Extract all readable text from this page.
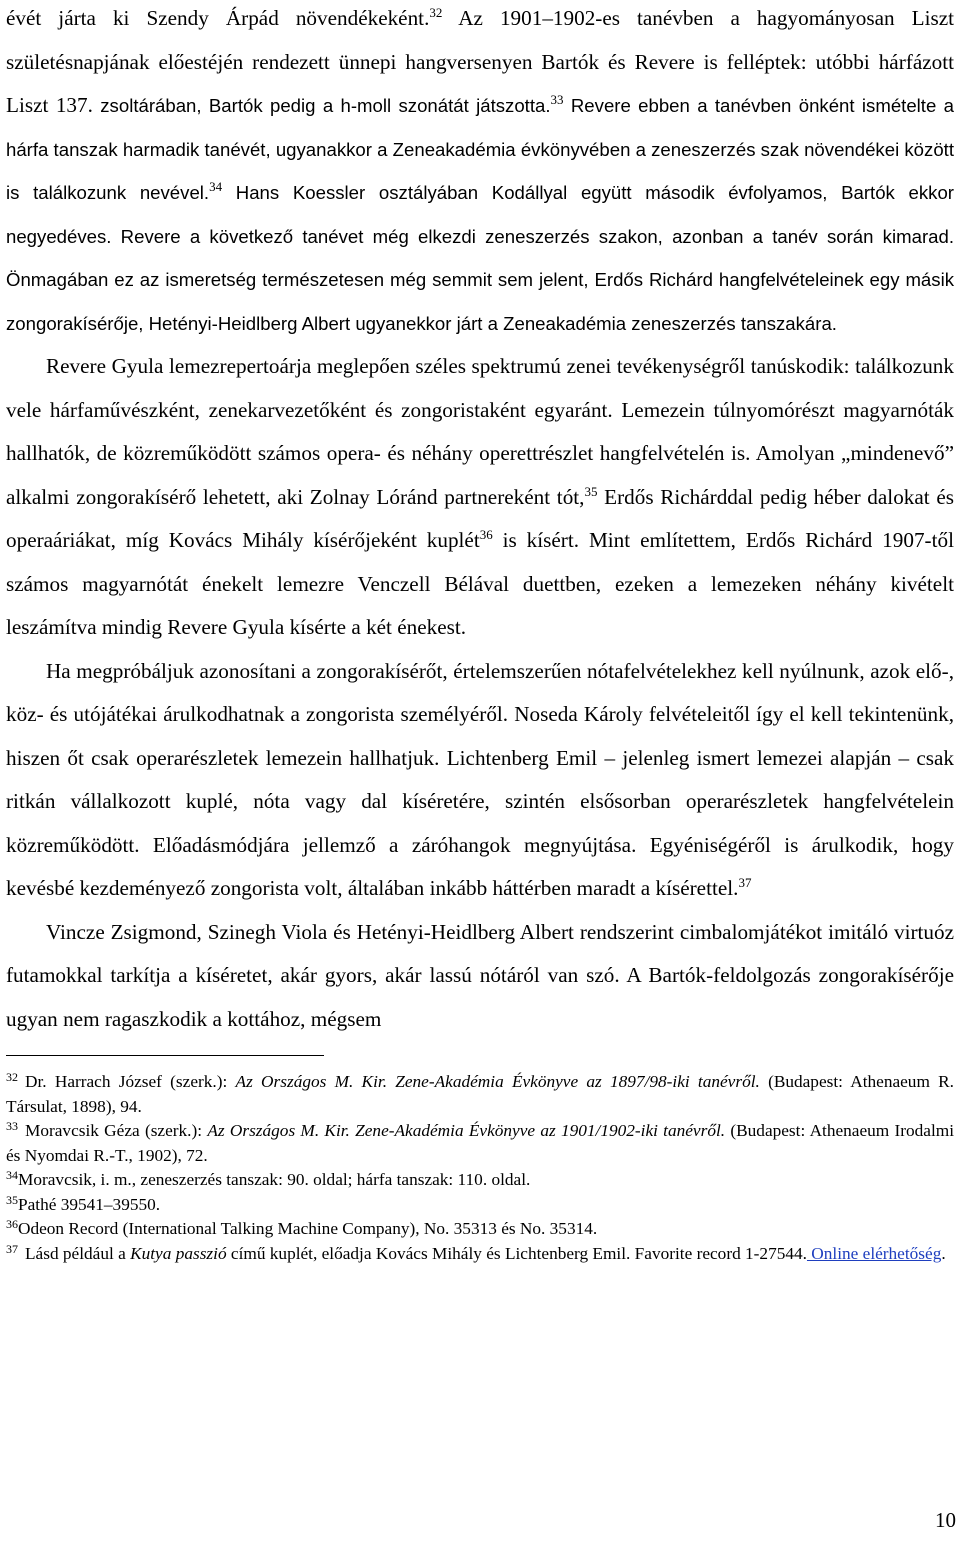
évét járta ki Szendy Árpád növendékeként.$^{32}$ Az 1901–1902-es tanévben a hagyományosan Liszt születésnapjának előestéjén rendezett ünnepi hangversenyen Bartók és Revere is felléptek: utóbbi hárfázott Liszt 137. zsoltárában, Bartók pedig a h-moll szonátát játszotta.$^{33}$ Revere ebben a tanévben önként ismételte a hárfa tanszak harmadik tanévét, ugyanakkor a Zeneakadémia évkönyvében a zeneszerzés szak növendékei között is találkozunk nevével.$^{34}$ Hans Koessler osztályában Kodállyal együtt második évfolyamos, Bartók ekkor negyedéves. Revere a következő tanévet még elkezdi zeneszerzés szakon, azonban a tanév során kimarad. Önmagában ez az ismeretség természetesen még semmit sem jelent, Erdős Richárd hangfelvételeinek egy másik zongorakísérője, Hetényi-Heidlberg Albert ugyanekkor járt a Zeneakadémia zeneszerzés tanszakára.

Revere Gyula lemezrepertoárja meglepően széles spektrumú zenei tevékenységről tanúskodik: találkozunk vele hárfaművészként, zenekarvezetőként és zongoristaként egyaránt. Lemezein túlnyomórészt magyarnóták hallhatók, de közreműködött számos opera- és néhány operettrészlet hangfelvételén is. Amolyan „mindenevő” alkalmi zongorakísérő lehetett, aki Zolnay Lóránd partnereként tót,$^{35}$ Erdős Richárddal pedig héber dalokat és operaáriákat, míg Kovács Mihály kísérőjeként kuplét$^{36}$ is kísért. Mint említettem, Erdős Richárd 1907-től számos magyarnótát énekelt lemezre Venczell Bélával duettben, ezeken a lemezeken néhány kivételt leszámítva mindig Revere Gyula kísérte a két énekest.

Ha megpróbáljuk azonosítani a zongorakísérőt, értelemszerűen nótafelvételekhez kell nyúlnunk, azok elő-, köz- és utójátékai árulkodhatnak a zongorista személyéről. Noseda Károly felvételeitől így el kell tekintenünk, hiszen őt csak operarészletek lemezein hallhatjuk. Lichtenberg Emil – jelenleg ismert lemezei alapján – csak ritkán vállalkozott kuplé, nóta vagy dal kíséretére, szintén elsősorban operarészletek hangfelvételein közreműködött. Előadásmódjára jellemző a záróhangok megnyújtása. Egyéniségéről is árulkodik, hogy kevésbé kezdeményező zongorista volt, általában inkább háttérben maradt a kísérettel.$^{37}$

Vincze Zsigmond, Szinegh Viola és Hetényi-Heidlberg Albert rendszerint cimbalomjátékot imitáló virtuóz futamokkal tarkítja a kíséretet, akár gyors, akár lassú nótáról van szó. A Bartók-feldolgozás zongorakísérője ugyan nem ragaszkodik a kottához, mégsem

$^{32}$ Dr. Harrach József (szerk.): Az Országos M. Kir. Zene-Akadémia Évkönyve az 1897/98-iki tanévről. (Budapest: Athenaeum R. Társulat, 1898), 94.

$^{33}$ Moravcsik Géza (szerk.): Az Országos M. Kir. Zene-Akadémia Évkönyve az 1901/1902-iki tanévről. (Budapest: Athenaeum Irodalmi és Nyomdai R.-T., 1902), 72.

$^{34}$Moravcsik, i. m., zeneszerzés tanszak: 90. oldal; hárfa tanszak: 110. oldal.

$^{35}$Pathé 39541–39550.

$^{36}$Odeon Record (International Talking Machine Company), No. 35313 és No. 35314.

$^{37}$ Lásd például a Kutya passzió című kuplét, előadja Kovács Mihály és Lichtenberg Emil. Favorite record 1-27544. Online elérhetőség.

10
